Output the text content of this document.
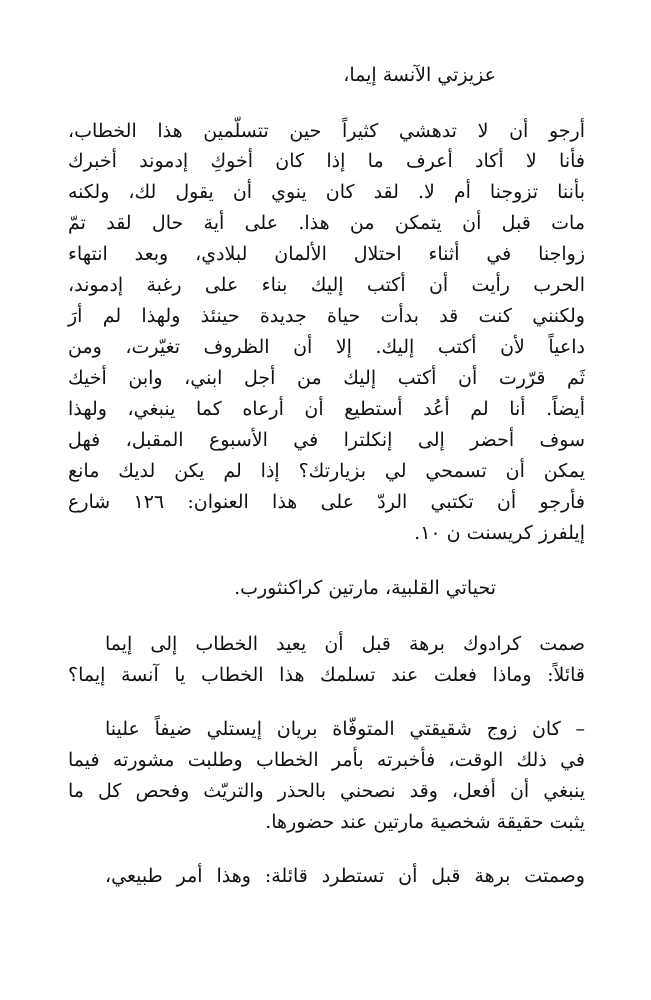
عزيزتي الآنسة إيما،
أرجو أن لا تدهشي كثيراً حين تتسلّمين هذا الخطاب،
فأنا لا أكاد أعرف ما إذا كان أخوكِ إدموند أخبرك
بأننا تزوجنا أم لا. لقد كان ينوي أن يقول لك، ولكنه
مات قبل أن يتمكن من هذا. على أية حال لقد تمّ
زواجنا في أثناء احتلال الألمان لبلادي، وبعد انتهاء
الحرب رأيت أن أكتب إليك بناء على رغبة إدموند،
ولكنني كنت قد بدأت حياة جديدة حينئذ ولهذا لم أرَ
داعياً لأن أكتب إليك. إلا أن الظروف تغيّرت، ومن
ثَم قرّرت أن أكتب إليك من أجل ابني، وابن أخيك
أيضاً. أنا لم أعُد أستطيع أن أرعاه كما ينبغي، ولهذا
سوف أحضر إلى إنكلترا في الأسبوع المقبل، فهل
يمكن أن تسمحي لي بزيارتك؟ إذا لم يكن لديك مانع
فأرجو أن تكتبي الردّ على هذا العنوان: ١٢٦ شارع
إيلفرز كريسنت ن ١٠.
تحياتي القلبية، مارتين كراكنثورب.
صمت كرادوك برهة قبل أن يعيد الخطاب إلى إيما
قائلاً: وماذا فعلت عند تسلمك هذا الخطاب يا آنسة إيما؟
– كان زوج شقيقتي المتوفّاة بريان إيستلي ضيفاً علينا
في ذلك الوقت، فأخبرته بأمر الخطاب وطلبت مشورته فيما
ينبغي أن أفعل، وقد نصحني بالحذر والتريّث وفحص كل ما
يثبت حقيقة شخصية مارتين عند حضورها.
وصمتت برهة قبل أن تستطرد قائلة: وهذا أمر طبيعي،
